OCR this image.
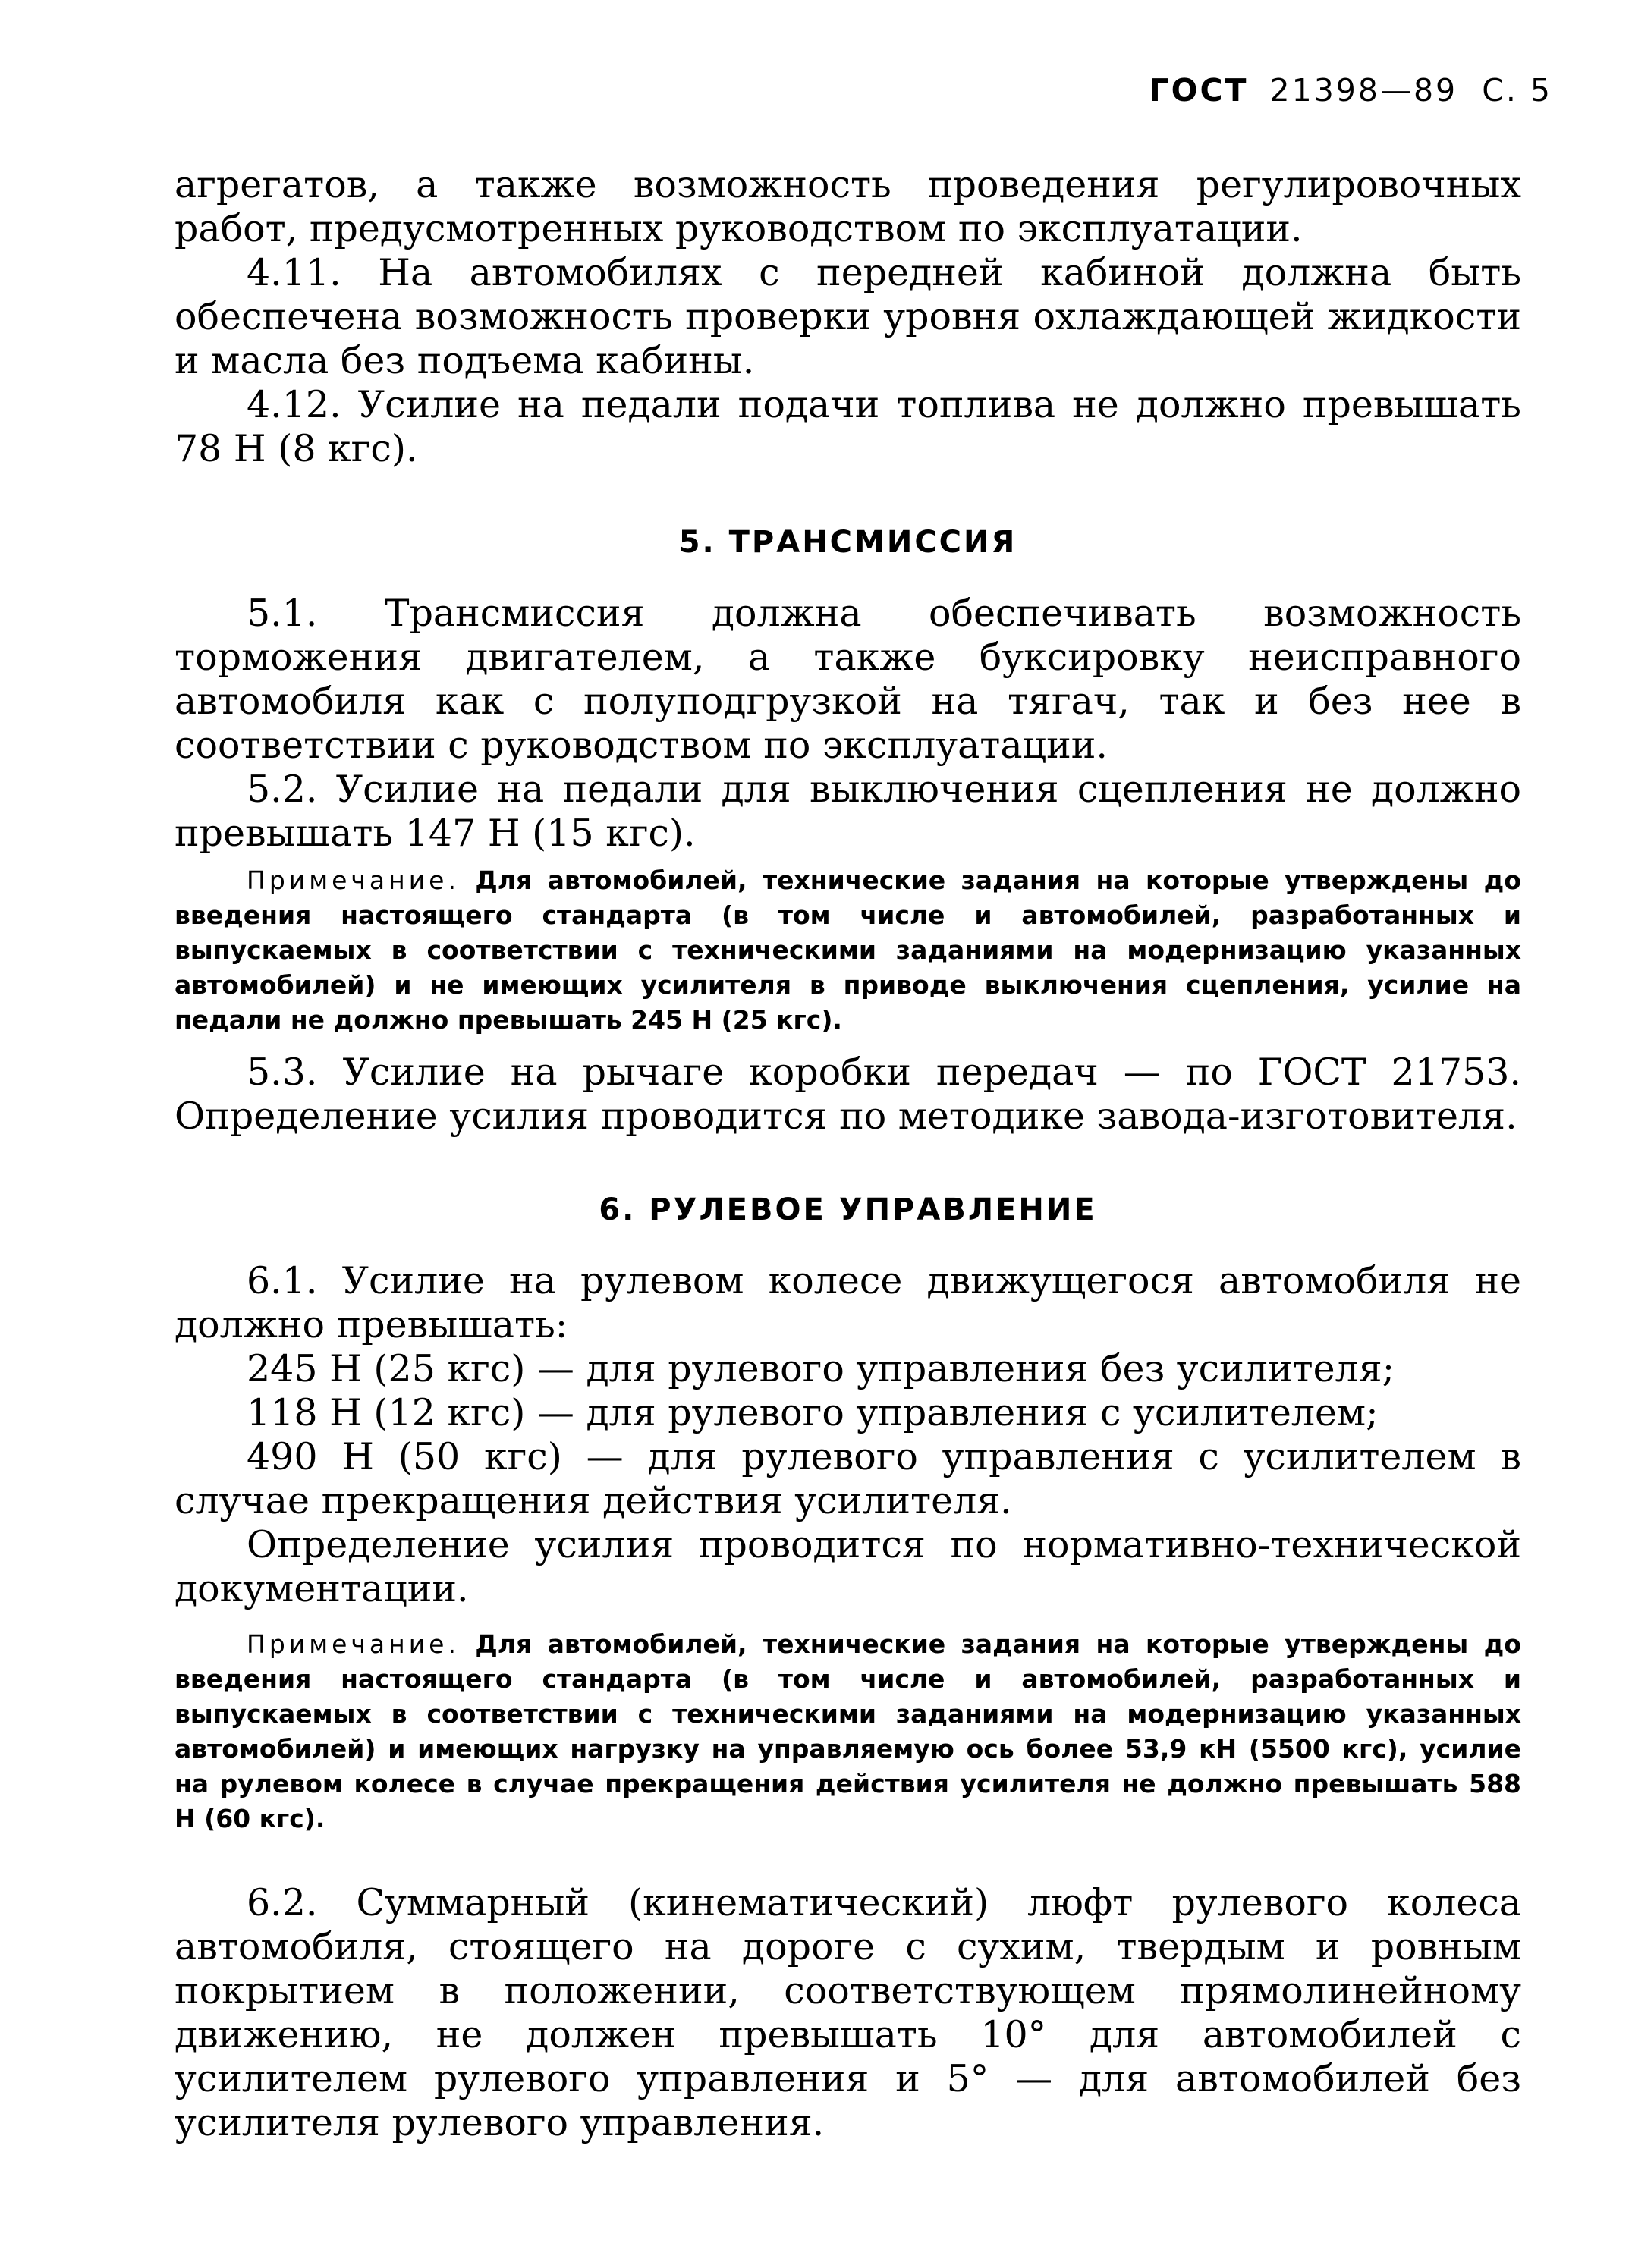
ГОСТ 21398—89 С. 5

агрегатов, а также возможность проведения регулировочных работ, предусмотренных руководством по эксплуатации.

4.11. На автомобилях с передней кабиной должна быть обеспечена возможность проверки уровня охлаждающей жидкости и масла без подъема кабины.

4.12. Усилие на педали подачи топлива не должно превышать 78 Н (8 кгс).

5. ТРАНСМИССИЯ

5.1. Трансмиссия должна обеспечивать возможность торможения двигателем, а также буксировку неисправного автомобиля как с полуподгрузкой на тягач, так и без нее в соответствии с руководством по эксплуатации.

5.2. Усилие на педали для выключения сцепления не должно превышать 147 Н (15 кгс).

Примечание. Для автомобилей, технические задания на которые утверждены до введения настоящего стандарта (в том числе и автомобилей, разработанных и выпускаемых в соответствии с техническими заданиями на модернизацию указанных автомобилей) и не имеющих усилителя в приводе выключения сцепления, усилие на педали не должно превышать 245 Н (25 кгс).

5.3. Усилие на рычаге коробки передач — по ГОСТ 21753. Определение усилия проводится по методике завода-изготовителя.

6. РУЛЕВОЕ УПРАВЛЕНИЕ

6.1. Усилие на рулевом колесе движущегося автомобиля не должно превышать:

245 Н (25 кгс) — для рулевого управления без усилителя;

118 Н (12 кгс) — для рулевого управления с усилителем;

490 Н (50 кгс) — для рулевого управления с усилителем в случае прекращения действия усилителя.

Определение усилия проводится по нормативно-технической документации.

Примечание. Для автомобилей, технические задания на которые утверждены до введения настоящего стандарта (в том числе и автомобилей, разработанных и выпускаемых в соответствии с техническими заданиями на модернизацию указанных автомобилей) и имеющих нагрузку на управляемую ось более 53,9 кН (5500 кгс), усилие на рулевом колесе в случае прекращения действия усилителя не должно превышать 588 Н (60 кгс).

6.2. Суммарный (кинематический) люфт рулевого колеса автомобиля, стоящего на дороге с сухим, твердым и ровным покрытием в положении, соответствующем прямолинейному движению, не должен превышать 10° для автомобилей с усилителем рулевого управления и 5° — для автомобилей без усилителя рулевого управления.
